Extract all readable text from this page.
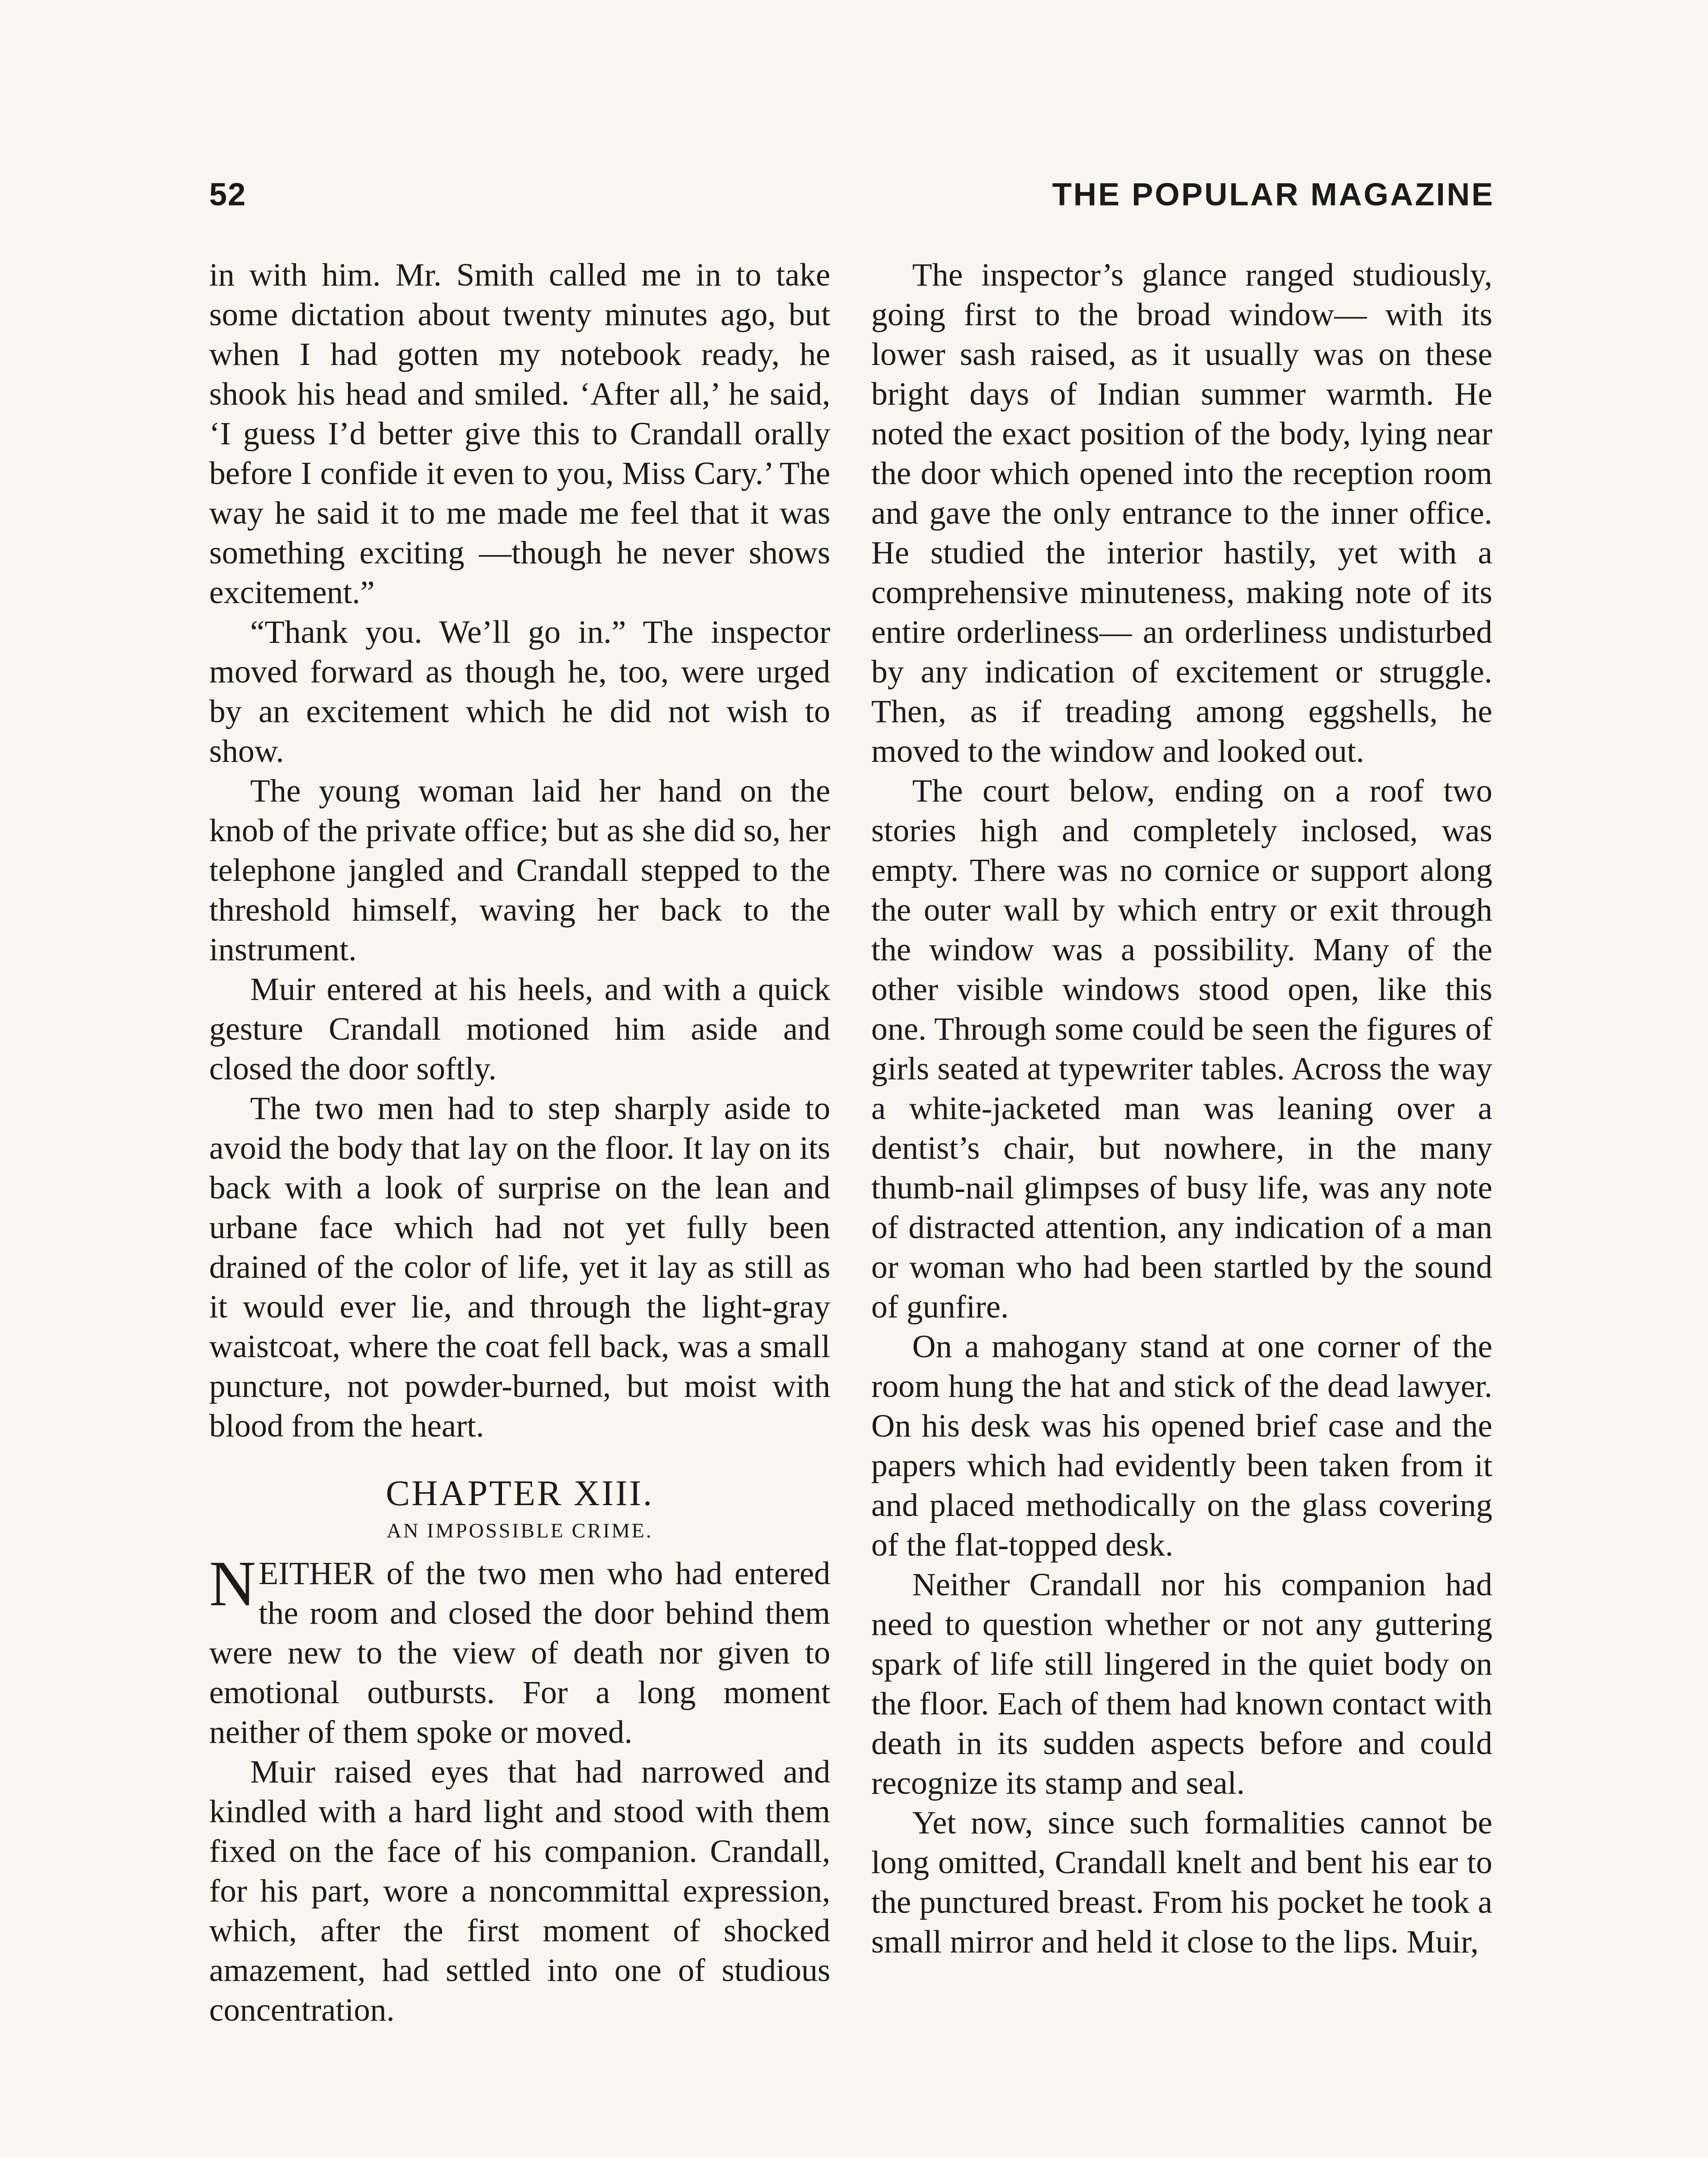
52	THE POPULAR MAGAZINE

in with him. Mr. Smith called me in to take some dictation about twenty minutes ago, but when I had gotten my notebook ready, he shook his head and smiled. ‘After all,’ he said, ‘I guess I’d better give this to Crandall orally before I confide it even to you, Miss Cary.’ The way he said it to me made me feel that it was something exciting —though he never shows excitement.”

“Thank you. We’ll go in.” The inspector moved forward as though he, too, were urged by an excitement which he did not wish to show.

The young woman laid her hand on the knob of the private office; but as she did so, her telephone jangled and Crandall stepped to the threshold himself, waving her back to the instrument.

Muir entered at his heels, and with a quick gesture Crandall motioned him aside and closed the door softly.

The two men had to step sharply aside to avoid the body that lay on the floor. It lay on its back with a look of surprise on the lean and urbane face which had not yet fully been drained of the color of life, yet it lay as still as it would ever lie, and through the light-gray waistcoat, where the coat fell back, was a small puncture, not powder-burned, but moist with blood from the heart.

CHAPTER XIII.
AN IMPOSSIBLE CRIME.

NEITHER of the two men who had entered the room and closed the door behind them were new to the view of death nor given to emotional outbursts. For a long moment neither of them spoke or moved.

Muir raised eyes that had narrowed and kindled with a hard light and stood with them fixed on the face of his companion. Crandall, for his part, wore a noncommittal expression, which, after the first moment of shocked amazement, had settled into one of studious concentration.

The inspector’s glance ranged studiously, going first to the broad window— with its lower sash raised, as it usually was on these bright days of Indian summer warmth. He noted the exact position of the body, lying near the door which opened into the reception room and gave the only entrance to the inner office. He studied the interior hastily, yet with a comprehensive minuteness, making note of its entire orderliness— an orderliness undisturbed by any indication of excitement or struggle. Then, as if treading among eggshells, he moved to the window and looked out.

The court below, ending on a roof two stories high and completely inclosed, was empty. There was no cornice or support along the outer wall by which entry or exit through the window was a possibility. Many of the other visible windows stood open, like this one. Through some could be seen the figures of girls seated at typewriter tables. Across the way a white-jacketed man was leaning over a dentist’s chair, but nowhere, in the many thumb-nail glimpses of busy life, was any note of distracted attention, any indication of a man or woman who had been startled by the sound of gunfire.

On a mahogany stand at one corner of the room hung the hat and stick of the dead lawyer. On his desk was his opened brief case and the papers which had evidently been taken from it and placed methodically on the glass covering of the flat-topped desk.

Neither Crandall nor his companion had need to question whether or not any guttering spark of life still lingered in the quiet body on the floor. Each of them had known contact with death in its sudden aspects before and could recognize its stamp and seal.

Yet now, since such formalities cannot be long omitted, Crandall knelt and bent his ear to the punctured breast. From his pocket he took a small mirror and held it close to the lips. Muir,
